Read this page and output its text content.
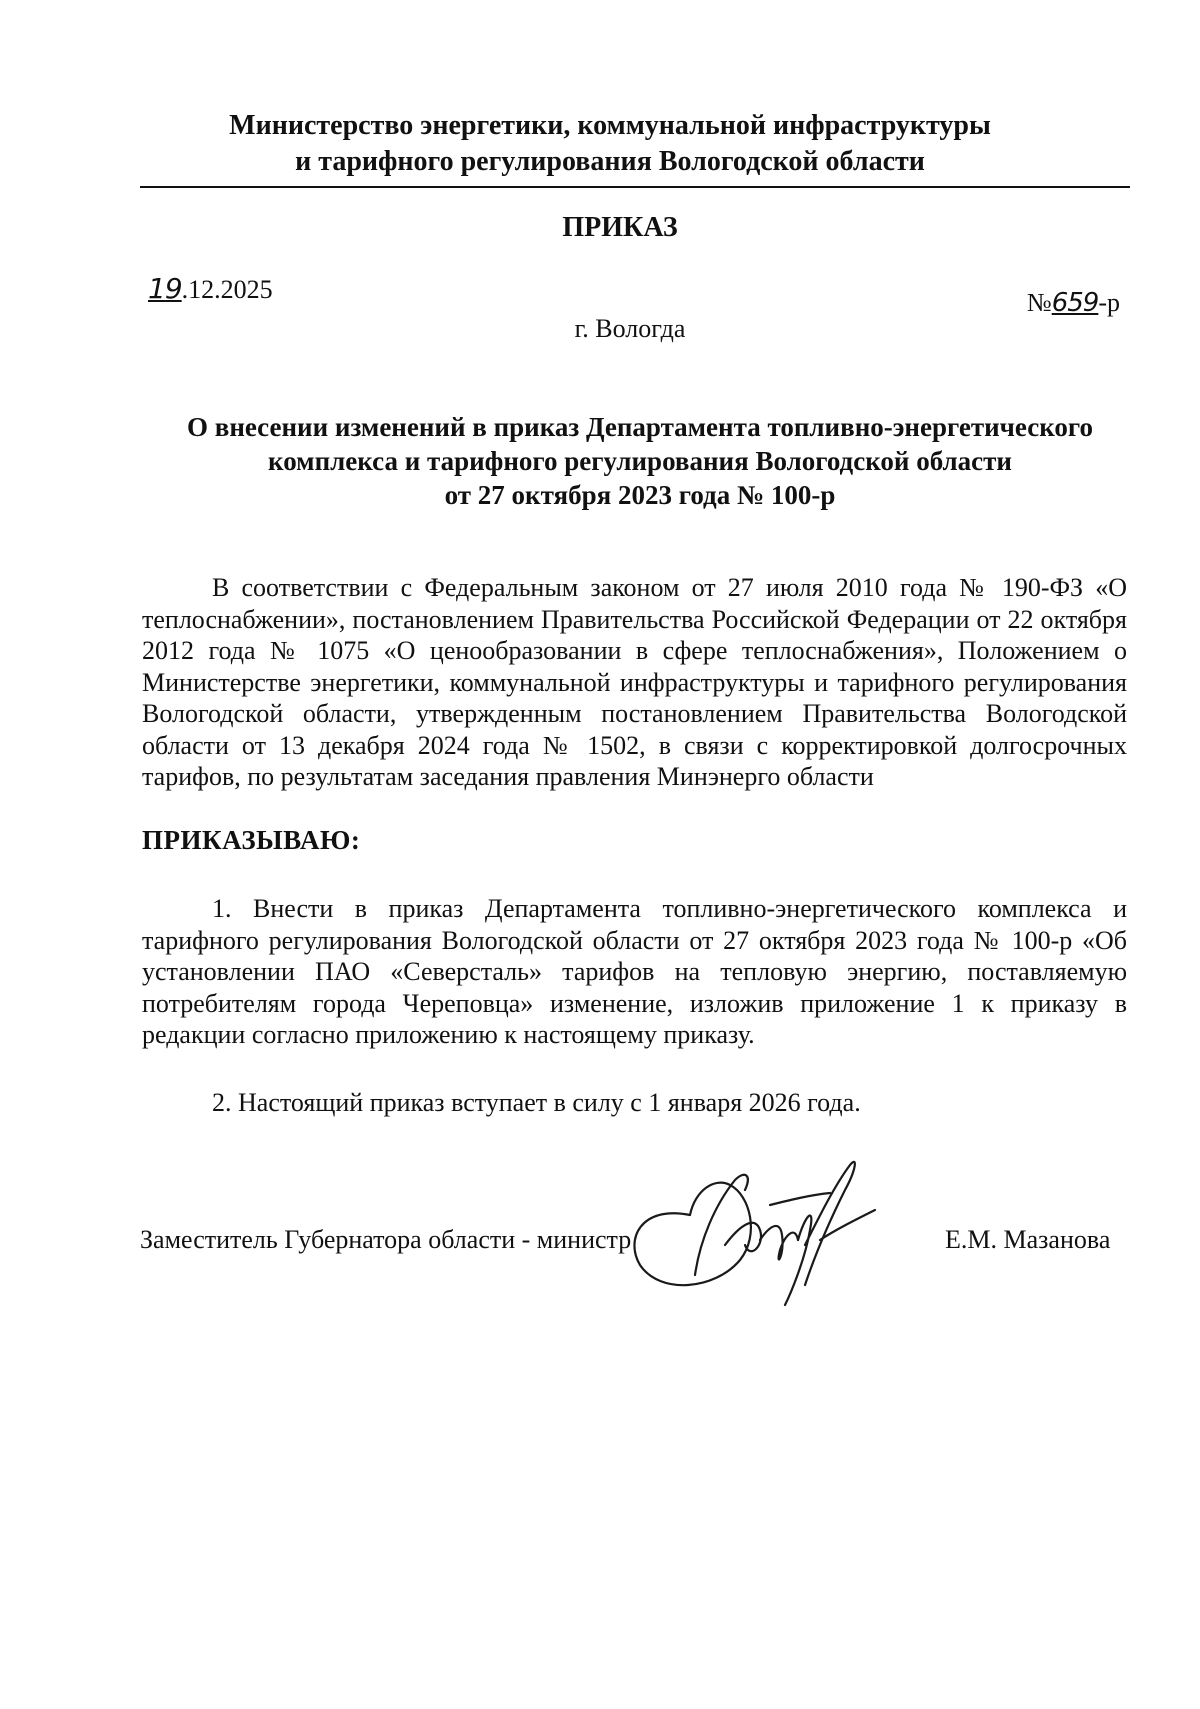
Министерство энергетики, коммунальной инфраструктуры
и тарифного регулирования Вологодской области
ПРИКАЗ
19.12.2025	№659-р
г. Вологда
О внесении изменений в приказ Департамента топливно-энергетического
комплекса и тарифного регулирования Вологодской области
от 27 октября 2023 года № 100-р

В соответствии с Федеральным законом от 27 июля 2010 года № 190-ФЗ «О теплоснабжении», постановлением Правительства Российской Федерации от 22 октября 2012 года № 1075 «О ценообразовании в сфере теплоснабжения», Положением о Министерстве энергетики, коммунальной инфраструктуры и тарифного регулирования Вологодской области, утвержденным постановлением Правительства Вологодской области от 13 декабря 2024 года № 1502, в связи с корректировкой долгосрочных тарифов, по результатам заседания правления Минэнерго области

ПРИКАЗЫВАЮ:

1. Внести в приказ Департамента топливно-энергетического комплекса и тарифного регулирования Вологодской области от 27 октября 2023 года № 100-р «Об установлении ПАО «Северсталь» тарифов на тепловую энергию, поставляемую потребителям города Череповца» изменение, изложив приложение 1 к приказу в редакции согласно приложению к настоящему приказу.

2. Настоящий приказ вступает в силу с 1 января 2026 года.

Заместитель Губернатора области - министр	Е.М. Мазанова
